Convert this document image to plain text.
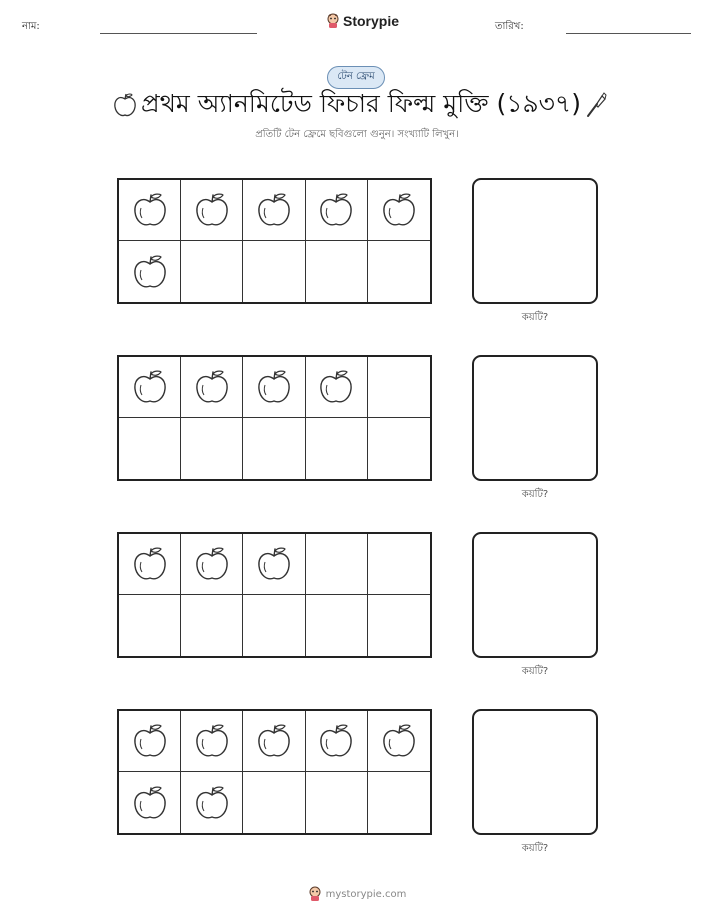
নাম:	Storypie	তারিখ:
টেন ফ্রেম
প্রথম অ্যানমিটেড ফিচার ফিল্ম মুক্তি (১৯৩৭)
প্রতিটি টেন ফ্রেমে ছবিগুলো গুনুন। সংখ্যাটি লিখুন।
কয়টি?
কয়টি?
কয়টি?
কয়টি?
mystorypie.com
